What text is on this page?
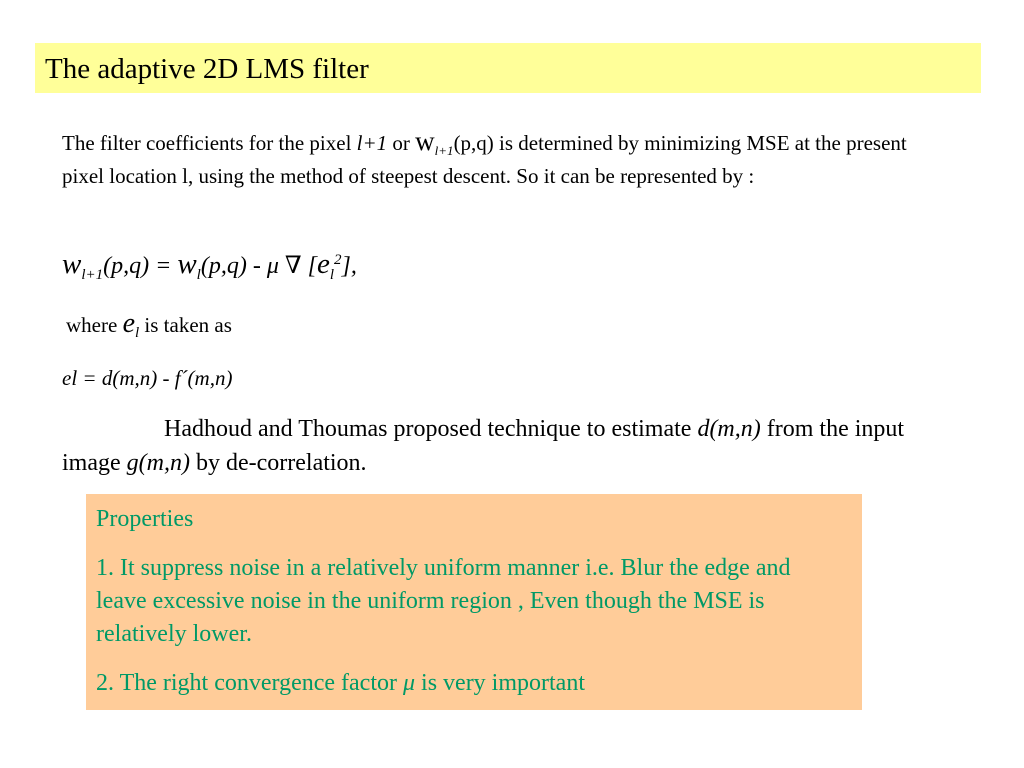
The adaptive 2D LMS filter
The filter coefficients for the pixel l+1 or $w_{l+1}(p,q)$ is determined by minimizing MSE at the present pixel location l, using the method of steepest descent. So it can be represented by :
$w_{l+1}(p,q) = w_l(p,q) - \mu$ ∇ $[e_l^2]$,
where $e_l$ is taken as
el = d(m,n) - f´(m,n)
Hadhoud and Thoumas proposed technique to estimate d(m,n) from the input image g(m,n) by de-correlation.

Properties

1. It suppress noise in a relatively uniform manner i.e. Blur the edge and leave excessive noise in the uniform region , Even though the MSE is relatively lower.

2. The right convergence factor μ is very important
